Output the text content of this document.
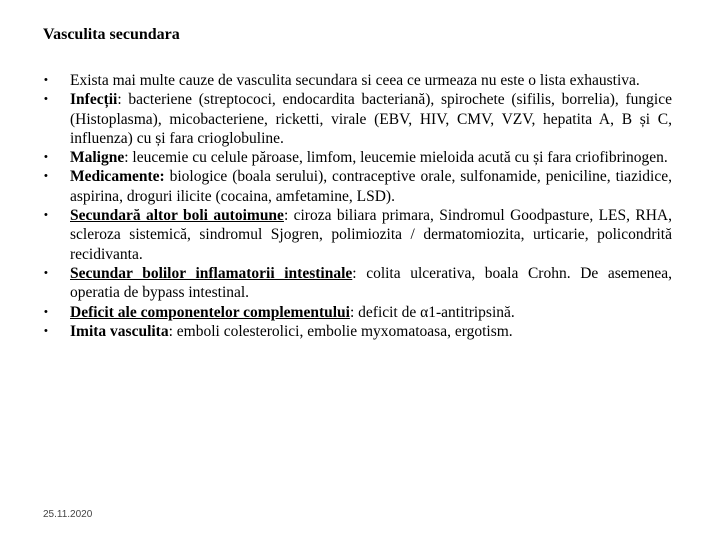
Vasculita secundara
• Exista mai multe cauze de vasculita secundara si ceea ce urmeaza nu este o lista exhaustiva.
• Infecții: bacteriene (streptococi, endocardita bacteriană), spirochete (sifilis, borrelia), fungice (Histoplasma), micobacteriene, ricketti, virale (EBV, HIV, CMV, VZV, hepatita A, B și C, influenza) cu și fara crioglobuline.
• Maligne: leucemie cu celule păroase, limfom, leucemie mieloida acută cu și fara criofibrinogen.
• Medicamente: biologice (boala serului), contraceptive orale, sulfonamide, peniciline, tiazidice, aspirina, droguri ilicite (cocaina, amfetamine, LSD).
• Secundară altor boli autoimune: ciroza biliara primara, Sindromul Goodpasture, LES, RHA, scleroza sistemică, sindromul Sjogren, polimiozita / dermatomiozita, urticarie, policondrită recidivanta.
• Secundar bolilor inflamatorii intestinale: colita ulcerativa, boala Crohn. De asemenea, operatia de bypass intestinal.
• Deficit ale componentelor complementului: deficit de α1-antitripsină.
• Imita vasculita: emboli colesterolici, embolie myxomatoasa, ergotism.
25.11.2020
